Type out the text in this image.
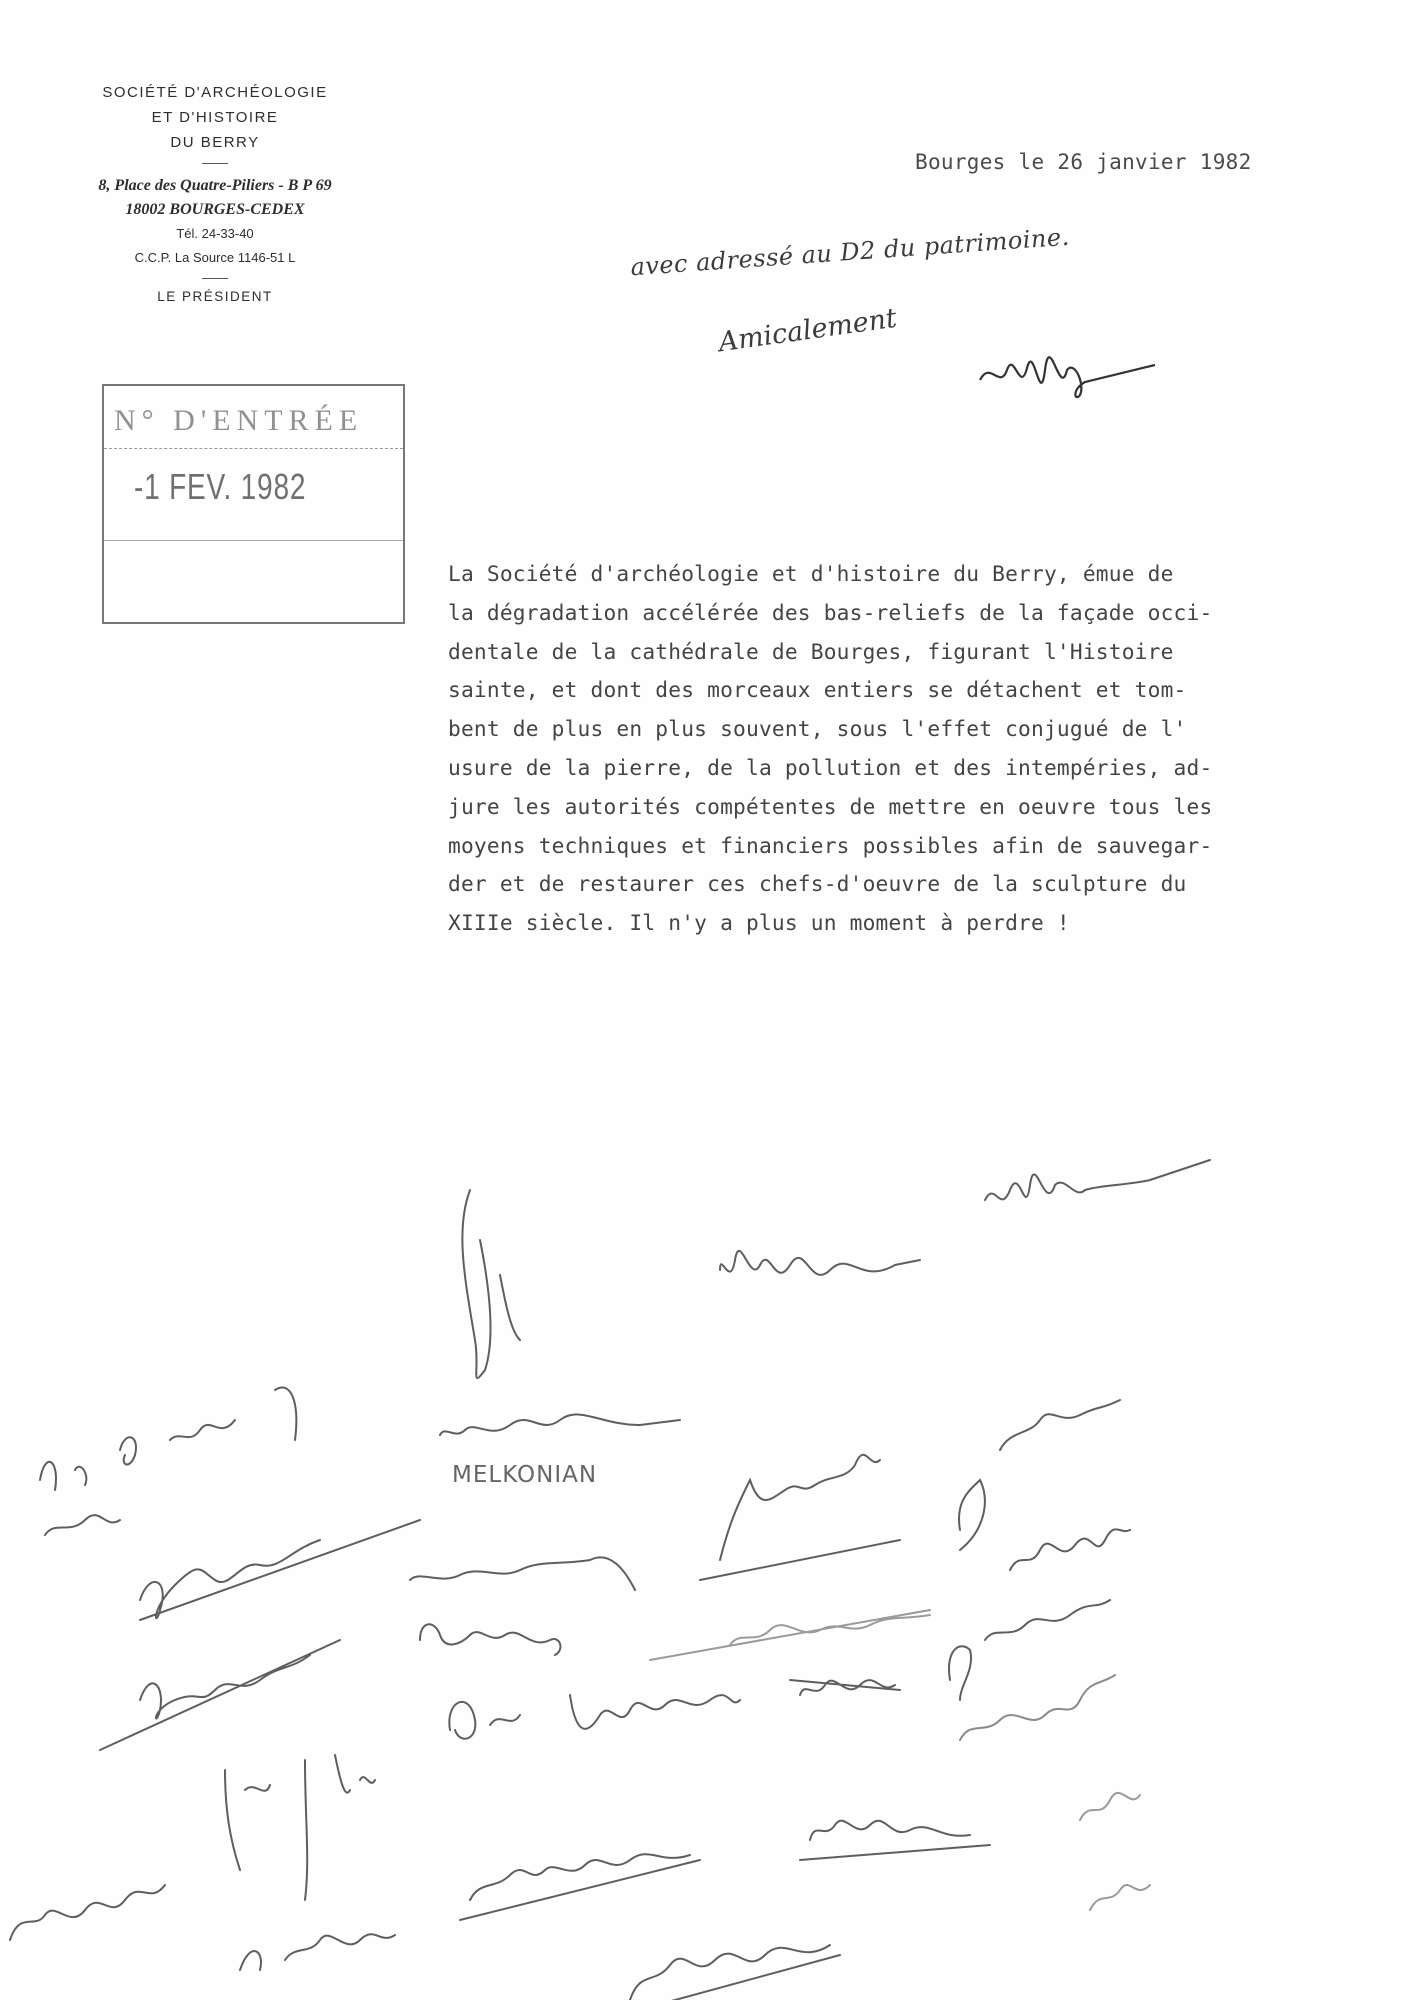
SOCIÉTÉ D'ARCHÉOLOGIE
ET D'HISTOIRE
DU BERRY
8, Place des Quatre-Piliers - B P 69
18002 BOURGES-CEDEX
Tél. 24-33-40
C.C.P. La Source 1146-51 L
LE PRÉSIDENT
Bourges le 26 janvier 1982
avec adressé au D2 du patrimoine.
Amicalement
N° D'ENTRÉE
-1 FEV. 1982
La Société d'archéologie et d'histoire du Berry, émue de
la dégradation accélérée des bas-reliefs de la façade occi-
dentale de la cathédrale de Bourges, figurant l'Histoire
sainte, et dont des morceaux entiers se détachent et tom-
bent de plus en plus souvent, sous l'effet conjugué de l'
usure de la pierre, de la pollution et des intempéries, ad-
jure les autorités compétentes de mettre en oeuvre tous les
moyens techniques et financiers possibles afin de sauvegar-
der et de restaurer ces chefs-d'oeuvre de la sculpture du
XIIIe siècle. Il n'y a plus un moment à perdre !
MELKONIAN
